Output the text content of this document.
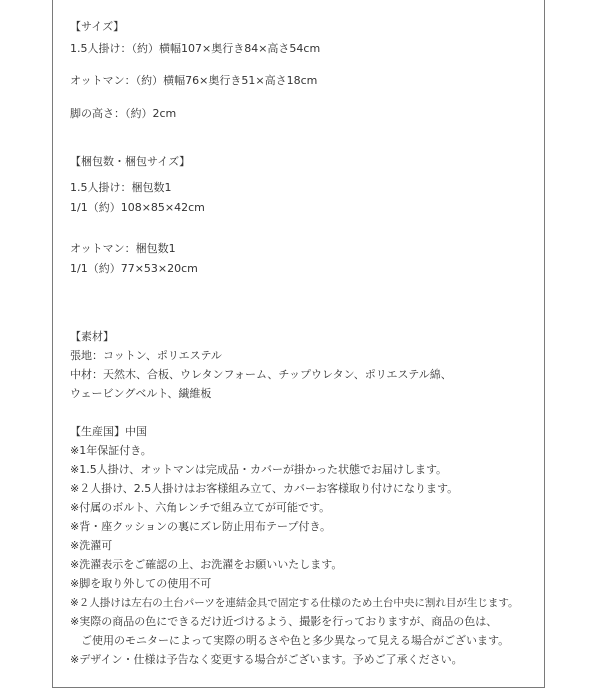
【サイズ】
1.5人掛け：（約）横幅107×奥行き84×高さ54cm
オットマン：（約）横幅76×奥行き51×高さ18cm
脚の高さ：（約）2cm
【梱包数・梱包サイズ】
1.5人掛け：梱包数1
1/1（約）108×85×42cm
オットマン：梱包数1
1/1（約）77×53×20cm
【素材】
張地：コットン、ポリエステル
中材：天然木、合板、ウレタンフォーム、チップウレタン、ポリエステル綿、
ウェービングベルト、繊維板
【生産国】中国
※1年保証付き。
※1.5人掛け、オットマンは完成品・カバーが掛かった状態でお届けします。
※２人掛け、2.5人掛けはお客様組み立て、カバーお客様取り付けになります。
※付属のボルト、六角レンチで組み立てが可能です。
※背・座クッションの裏にズレ防止用布テープ付き。
※洗濯可
※洗濯表示をご確認の上、お洗濯をお願いいたします。
※脚を取り外しての使用不可
※２人掛けは左右の土台パーツを連結金具で固定する仕様のため土台中央に割れ目が生じます。
※実際の商品の色にできるだけ近づけるよう、撮影を行っておりますが、商品の色は、
　ご使用のモニターによって実際の明るさや色と多少異なって見える場合がございます。
※デザイン・仕様は予告なく変更する場合がございます。予めご了承ください。
